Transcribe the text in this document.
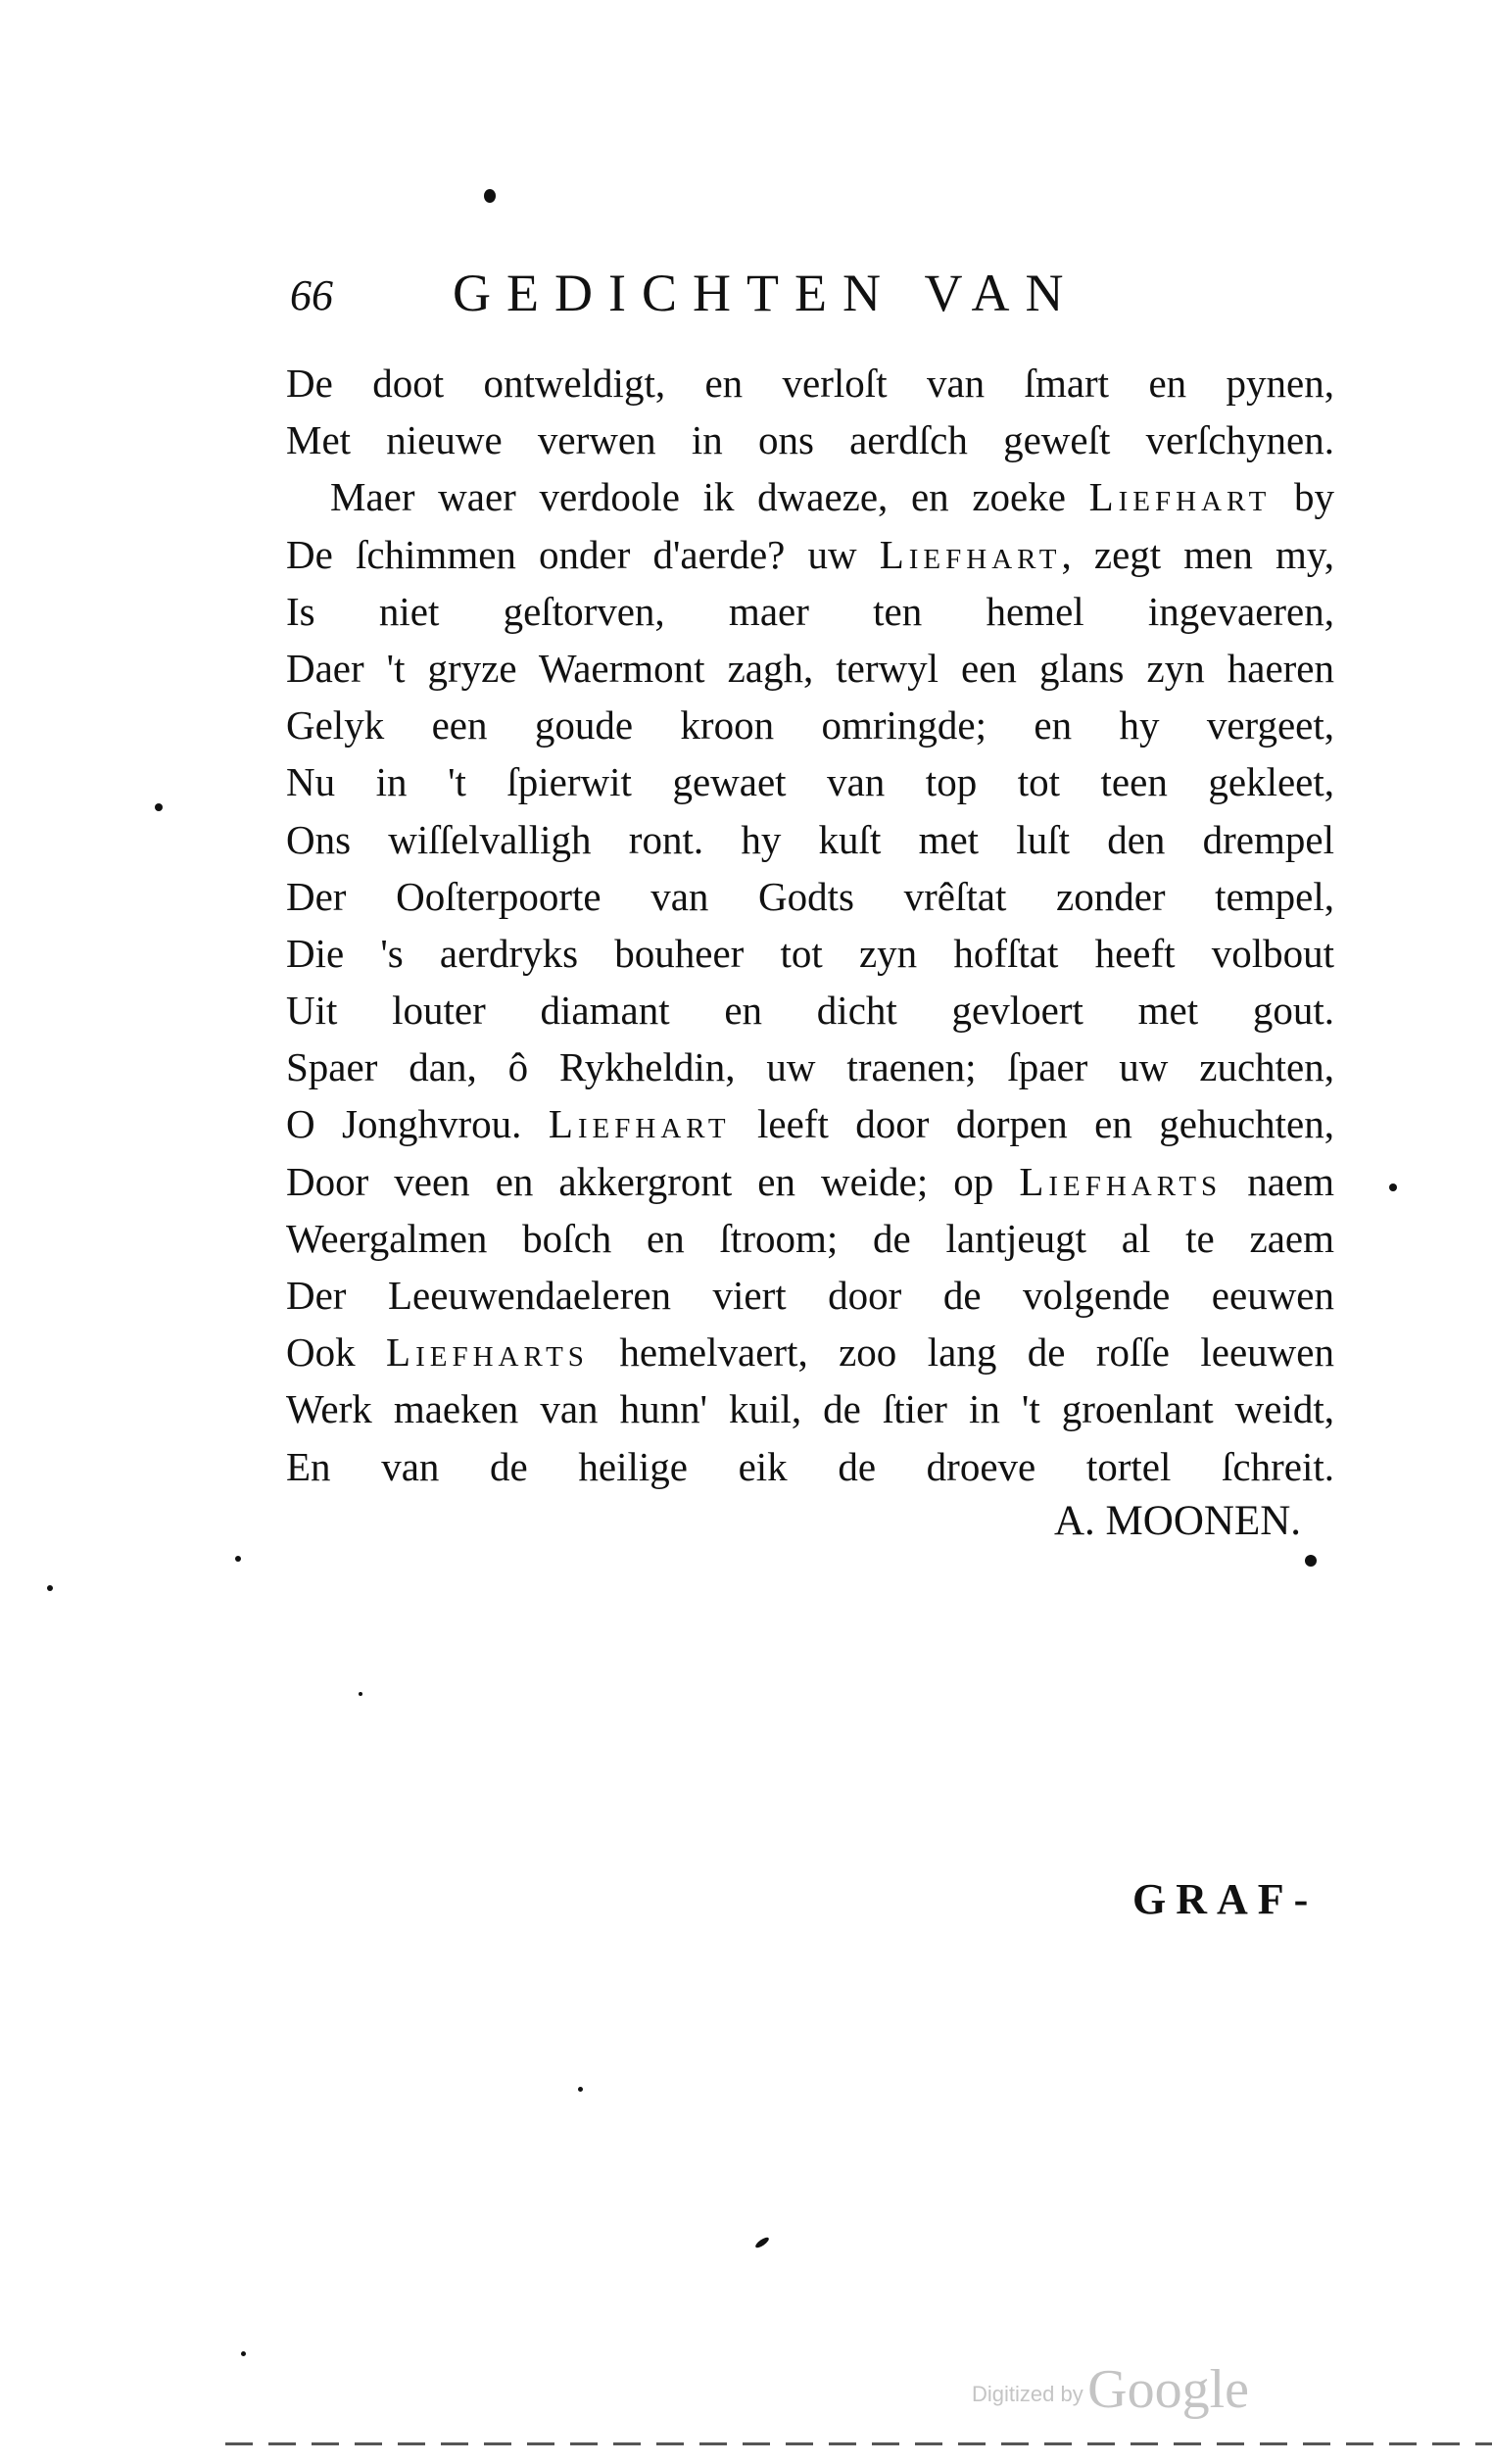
66 GEDICHTEN VAN
De doot ontweldigt, en verloſt van ſmart en pynen,
Met nieuwe verwen in ons aerdſch geweſt verſchynen.
Maer waer verdoole ik dwaeze, en zoeke Liefhart by
De ſchimmen onder d'aerde? uw Liefhart, zegt men my,
Is niet geſtorven, maer ten hemel ingevaeren,
Daer 't gryze Waermont zagh, terwyl een glans zyn haeren
Gelyk een goude kroon omringde; en hy vergeet,
Nu in 't ſpierwit gewaet van top tot teen gekleet,
Ons wiſſelvalligh ront. hy kuſt met luſt den drempel
Der Ooſterpoorte van Godts vrêſtat zonder tempel,
Die 's aerdryks bouheer tot zyn hofſtat heeft volbout
Uit louter diamant en dicht gevloert met gout.
Spaer dan, ô Rykheldin, uw traenen; ſpaer uw zuchten,
O Jonghvrou. Liefhart leeft door dorpen en gehuchten,
Door veen en akkergront en weide; op Liefharts naem
Weergalmen boſch en ſtroom; de lantjeugt al te zaem
Der Leeuwendaeleren viert door de volgende eeuwen
Ook Liefharts hemelvaert, zoo lang de roſſe leeuwen
Werk maeken van hunn' kuil, de ſtier in 't groenlant weidt,
En van de heilige eik de droeve tortel ſchreit.
A. MOONEN.
GRAF-
Digitized by Google
